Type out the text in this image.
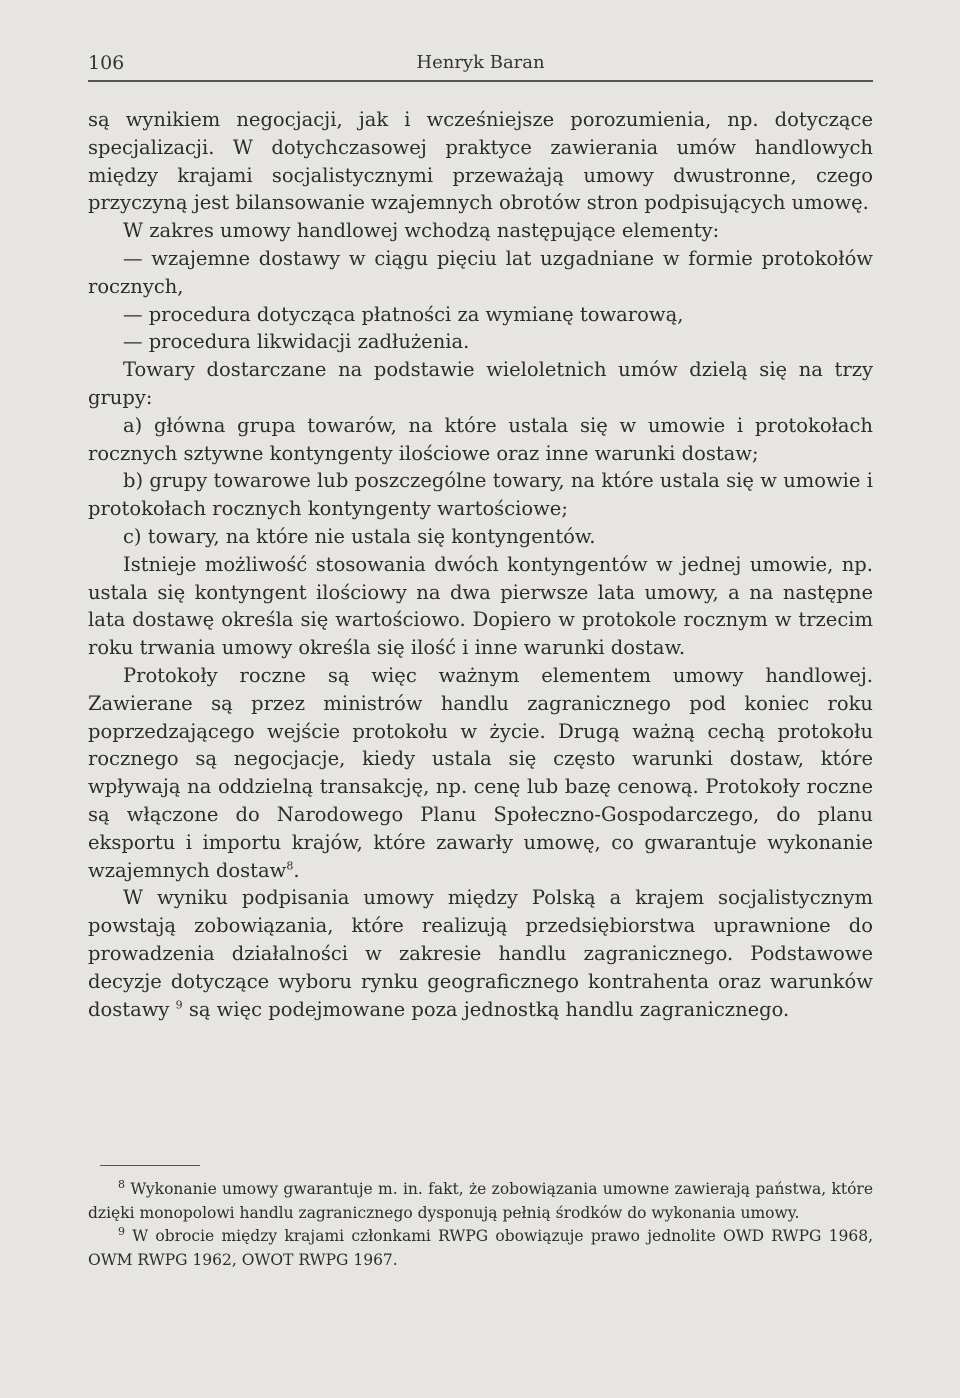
106	Henryk Baran

są wynikiem negocjacji, jak i wcześniejsze porozumienia, np. dotyczące specjalizacji. W dotychczasowej praktyce zawierania umów handlowych między krajami socjalistycznymi przeważają umowy dwustronne, czego przyczyną jest bilansowanie wzajemnych obrotów stron podpisujących umowę.

W zakres umowy handlowej wchodzą następujące elementy:

— wzajemne dostawy w ciągu pięciu lat uzgadniane w formie protokołów rocznych,

— procedura dotycząca płatności za wymianę towarową,

— procedura likwidacji zadłużenia.

Towary dostarczane na podstawie wieloletnich umów dzielą się na trzy grupy:

a) główna grupa towarów, na które ustala się w umowie i protokołach rocznych sztywne kontyngenty ilościowe oraz inne warunki dostaw;

b) grupy towarowe lub poszczególne towary, na które ustala się w umowie i protokołach rocznych kontyngenty wartościowe;

c) towary, na które nie ustala się kontyngentów.

Istnieje możliwość stosowania dwóch kontyngentów w jednej umowie, np. ustala się kontyngent ilościowy na dwa pierwsze lata umowy, a na następne lata dostawę określa się wartościowo. Dopiero w protokole rocznym w trzecim roku trwania umowy określa się ilość i inne warunki dostaw.

Protokoły roczne są więc ważnym elementem umowy handlowej. Zawierane są przez ministrów handlu zagranicznego pod koniec roku poprzedzającego wejście protokołu w życie. Drugą ważną cechą protokołu rocznego są negocjacje, kiedy ustala się często warunki dostaw, które wpływają na oddzielną transakcję, np. cenę lub bazę cenową. Protokoły roczne są włączone do Narodowego Planu Społeczno-Gospodarczego, do planu eksportu i importu krajów, które zawarły umowę, co gwarantuje wykonanie wzajemnych dostaw$^8$.

W wyniku podpisania umowy między Polską a krajem socjalistycznym powstają zobowiązania, które realizują przedsiębiorstwa uprawnione do prowadzenia działalności w zakresie handlu zagranicznego. Podstawowe decyzje dotyczące wyboru rynku geograficznego kontrahenta oraz warunków dostawy $^9$ są więc podejmowane poza jednostką handlu zagranicznego.

$^8$ Wykonanie umowy gwarantuje m. in. fakt, że zobowiązania umowne zawierają państwa, które dzięki monopolowi handlu zagranicznego dysponują pełnią środków do wykonania umowy.

$^9$ W obrocie między krajami członkami RWPG obowiązuje prawo jednolite OWD RWPG 1968, OWM RWPG 1962, OWOT RWPG 1967.
